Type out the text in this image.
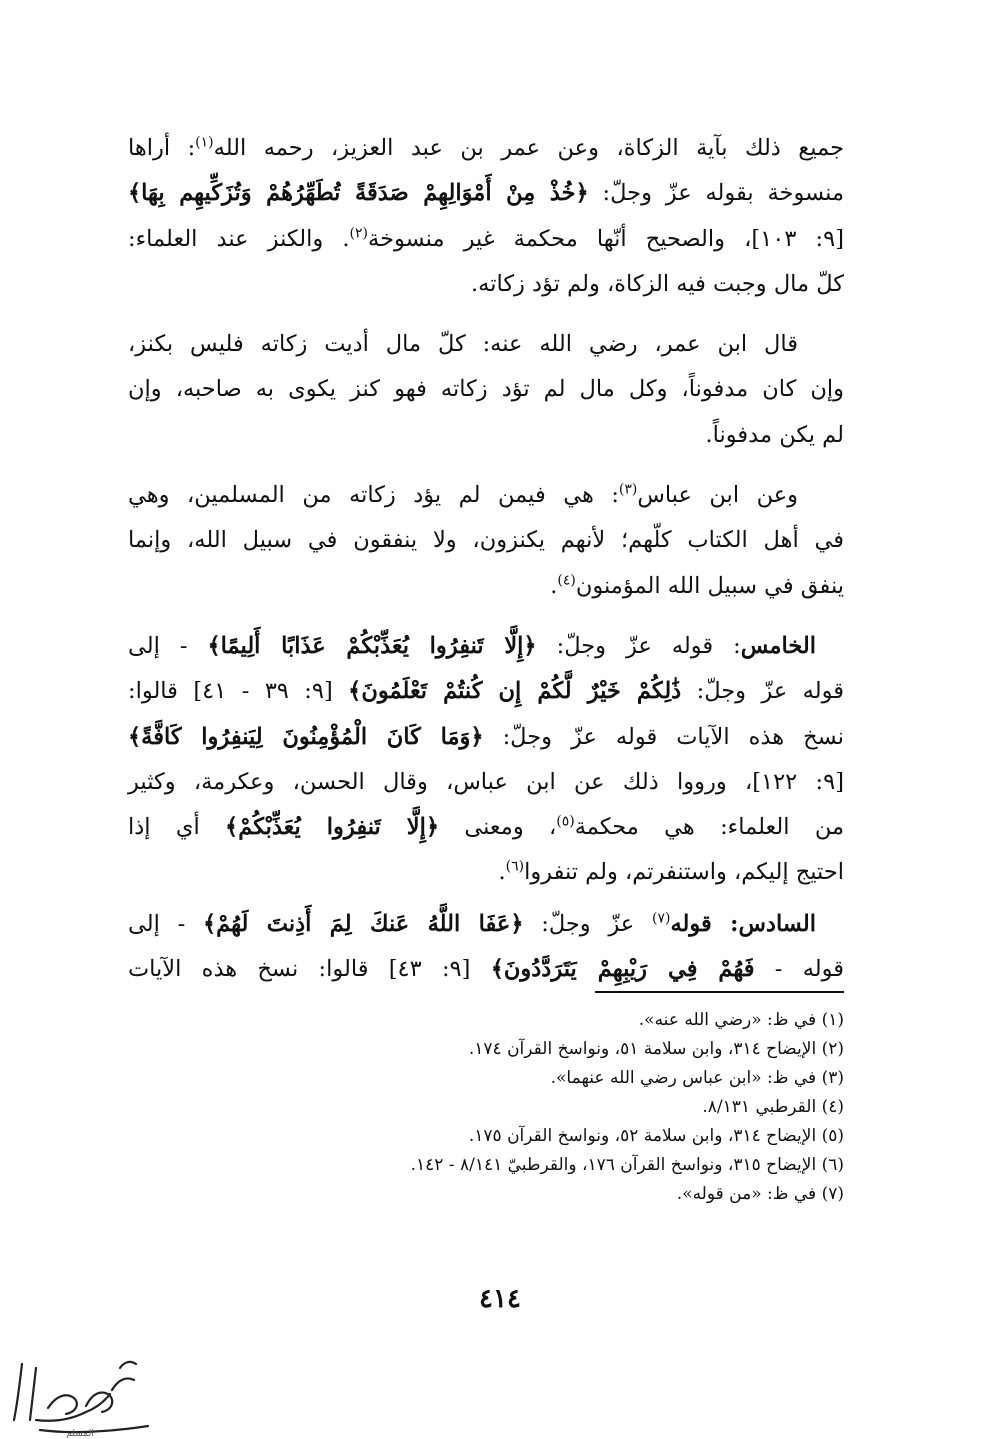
جميع ذلك بآية الزكاة، وعن عمر بن عبد العزيز، رحمه الله$^{(١)}$: أراها
منسوخة بقوله عزّ وجلّ: ﴿خُذْ مِنْ أَمْوَالِهِمْ صَدَقَةً تُطَهِّرُهُمْ وَتُزَكِّيهِم بِهَا﴾
[٩: ١٠٣]، والصحيح أنّها محكمة غير منسوخة$^{(٢)}$. والكنز عند العلماء:
كلّ مال وجبت فيه الزكاة، ولم تؤد زكاته.

قال ابن عمر، رضي الله عنه: كلّ مال أديت زكاته فليس بكنز،
وإن كان مدفوناً، وكل مال لم تؤد زكاته فهو كنز يكوى به صاحبه، وإن
لم يكن مدفوناً.

وعن ابن عباس$^{(٣)}$: هي فيمن لم يؤد زكاته من المسلمين، وهي
في أهل الكتاب كلّهم؛ لأنهم يكنزون، ولا ينفقون في سبيل الله، وإنما
ينفق في سبيل الله المؤمنون$^{(٤)}$.

الخامس: قوله عزّ وجلّ: ﴿إِلَّا تَنفِرُوا يُعَذِّبْكُمْ عَذَابًا أَلِيمًا﴾ - إلى
قوله عزّ وجلّ: ذَٰلِكُمْ خَيْرٌ لَّكُمْ إِن كُنتُمْ تَعْلَمُونَ﴾ [٩: ٣٩ - ٤١] قالوا:
نسخ هذه الآيات قوله عزّ وجلّ: ﴿وَمَا كَانَ الْمُؤْمِنُونَ لِيَنفِرُوا كَافَّةً﴾
[٩: ١٢٢]، ورووا ذلك عن ابن عباس، وقال الحسن، وعكرمة، وكثير
من العلماء: هي محكمة$^{(٥)}$، ومعنى ﴿إِلَّا تَنفِرُوا يُعَذِّبْكُمْ﴾ أي إذا
احتيج إليكم، واستنفرتم، ولم تنفروا$^{(٦)}$.

السادس: قوله$^{(٧)}$ عزّ وجلّ: ﴿عَفَا اللَّهُ عَنكَ لِمَ أَذِنتَ لَهُمْ﴾ - إلى
قوله - فَهُمْ فِي رَيْبِهِمْ يَتَرَدَّدُونَ﴾ [٩: ٤٣] قالوا: نسخ هذه الآيات

(١) في ظ: «رضي الله عنه».
(٢) الإيضاح ٣١٤، وابن سلامة ٥١، ونواسخ القرآن ١٧٤.
(٣) في ظ: «ابن عباس رضي الله عنهما».
(٤) القرطبي ٨/١٣١.
(٥) الإيضاح ٣١٤، وابن سلامة ٥٢، ونواسخ القرآن ١٧٥.
(٦) الإيضاح ٣١٥، ونواسخ القرآن ١٧٦، والقرطبيّ ٨/١٤١ - ١٤٢.
(٧) في ظ: «من قوله».
٤١٤
المسلم
